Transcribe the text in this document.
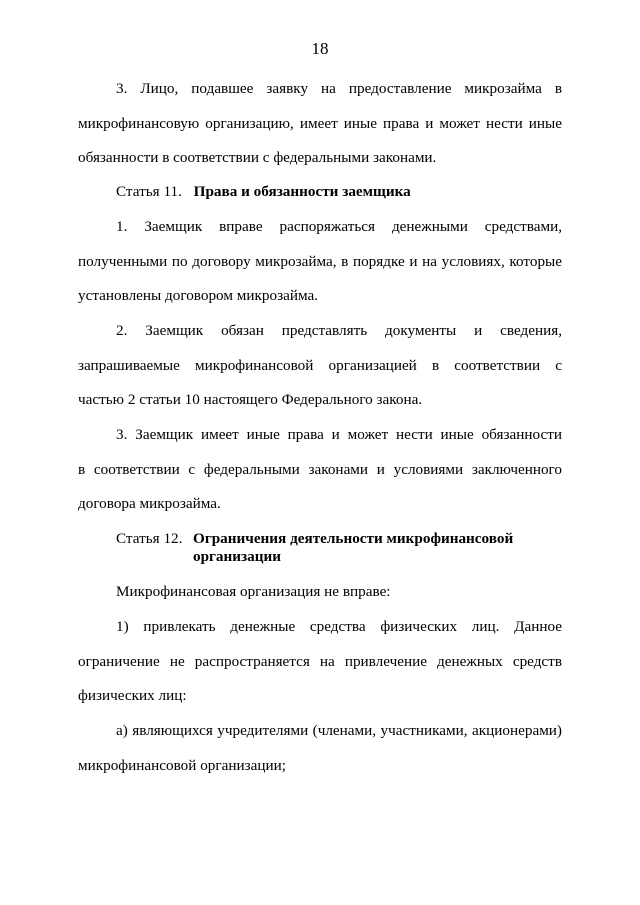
18
3. Лицо, подавшее заявку на предоставление микрозайма в
микрофинансовую организацию, имеет иные права и может нести иные
обязанности в соответствии с федеральными законами.
Статья 11. Права и обязанности заемщика
1. Заемщик вправе распоряжаться денежными средствами,
полученными по договору микрозайма, в порядке и на условиях, которые
установлены договором микрозайма.
2. Заемщик обязан представлять документы и сведения,
запрашиваемые микрофинансовой организацией в соответствии с
частью 2 статьи 10 настоящего Федерального закона.
3. Заемщик имеет иные права и может нести иные обязанности
в соответствии с федеральными законами и условиями заключенного
договора микрозайма.
Статья 12. Ограничения деятельности микрофинансовой
организации
Микрофинансовая организация не вправе:
1) привлекать денежные средства физических лиц. Данное
ограничение не распространяется на привлечение денежных средств
физических лиц:
а) являющихся учредителями (членами, участниками, акционерами)
микрофинансовой организации;
